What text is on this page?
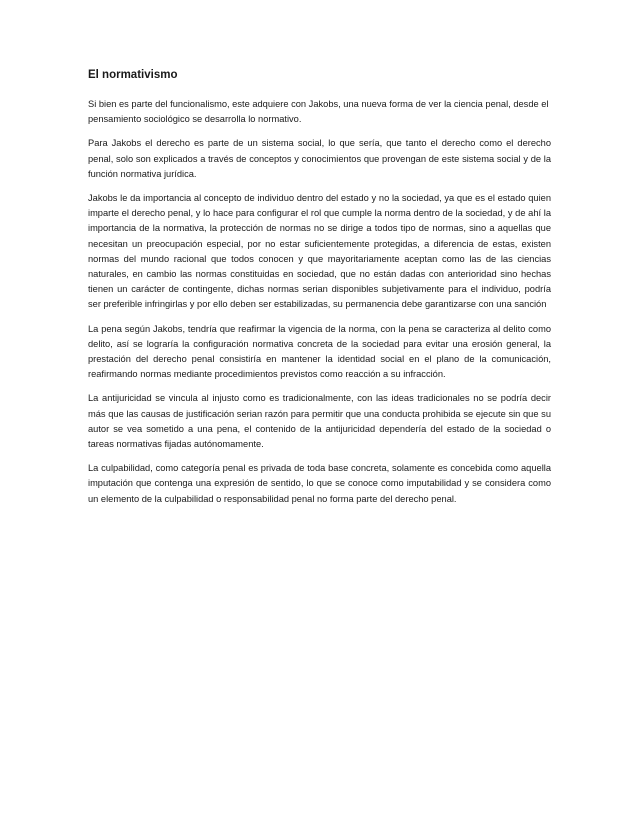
El normativismo

Si bien es parte del funcionalismo, este adquiere con Jakobs, una nueva forma de ver la ciencia penal, desde el pensamiento sociológico se desarrolla lo normativo.

Para Jakobs el derecho es parte de un sistema social, lo que sería, que tanto el derecho como el derecho penal, solo son explicados a través de conceptos y conocimientos que provengan de este sistema social y de la función normativa jurídica.

Jakobs le da importancia al concepto de individuo dentro del estado y no la sociedad, ya que es el estado quien imparte el derecho penal, y lo hace para configurar el rol que cumple la norma dentro de la sociedad, y de ahí la importancia de la normativa, la protección de normas no se dirige a todos tipo de normas, sino a aquellas que necesitan un preocupación especial, por no estar suficientemente protegidas, a diferencia de estas, existen normas del mundo racional que todos conocen y que mayoritariamente aceptan como las de las ciencias naturales, en cambio las normas constituidas en sociedad, que no están dadas con anterioridad sino hechas tienen un carácter de contingente, dichas normas serian disponibles subjetivamente para el individuo, podría ser preferible infringirlas y por ello deben ser estabilizadas, su permanencia debe garantizarse con una sanción

La pena según Jakobs, tendría que reafirmar la vigencia de la norma, con la pena se caracteriza al delito como delito, así se lograría la configuración normativa concreta de la sociedad para evitar una erosión general, la prestación del derecho penal consistiría en mantener la identidad social en el plano de la comunicación, reafirmando normas mediante procedimientos previstos como reacción a su infracción.

La antijuricidad se vincula al injusto como es tradicionalmente, con las ideas tradicionales no se podría decir más que las causas de justificación serian razón para permitir que una conducta prohibida se ejecute sin que su autor se vea sometido a una pena, el contenido de la antijuricidad dependería del estado de la sociedad o tareas normativas fijadas autónomamente.

La culpabilidad, como categoría penal es privada de toda base concreta, solamente es concebida como aquella imputación que contenga una expresión de sentido, lo que se conoce como imputabilidad y se considera como un elemento de la culpabilidad o responsabilidad penal no forma parte del derecho penal.
